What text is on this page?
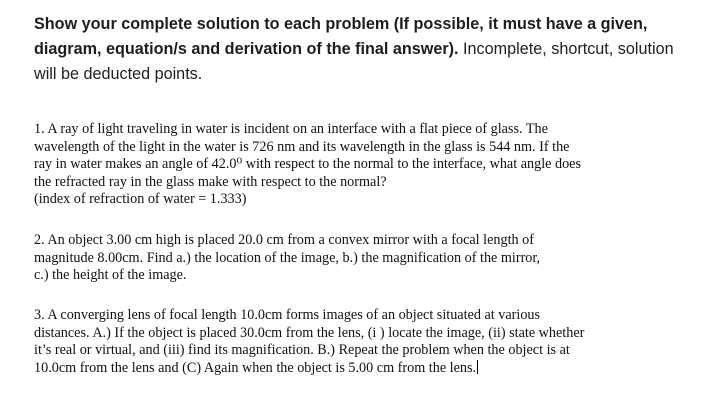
Show your complete solution to each problem (If possible, it must have a given, diagram, equation/s and derivation of the final answer). Incomplete, shortcut, solution will be deducted points.
1. A ray of light traveling in water is incident on an interface with a flat piece of glass. The
wavelength of the light in the water is 726 nm and its wavelength in the glass is 544 nm. If the
ray in water makes an angle of 42.0⁰ with respect to the normal to the interface, what angle does
the refracted ray in the glass make with respect to the normal?
(index of refraction of water = 1.333)
2. An object 3.00 cm high is placed 20.0 cm from a convex mirror with a focal length of
magnitude 8.00cm. Find a.) the location of the image, b.) the magnification of the mirror,
c.) the height of the image.
3. A converging lens of focal length 10.0cm forms images of an object situated at various
distances. A.) If the object is placed 30.0cm from the lens, (i ) locate the image, (ii) state whether
it’s real or virtual, and (iii) find its magnification. B.) Repeat the problem when the object is at
10.0cm from the lens and (C) Again when the object is 5.00 cm from the lens.
